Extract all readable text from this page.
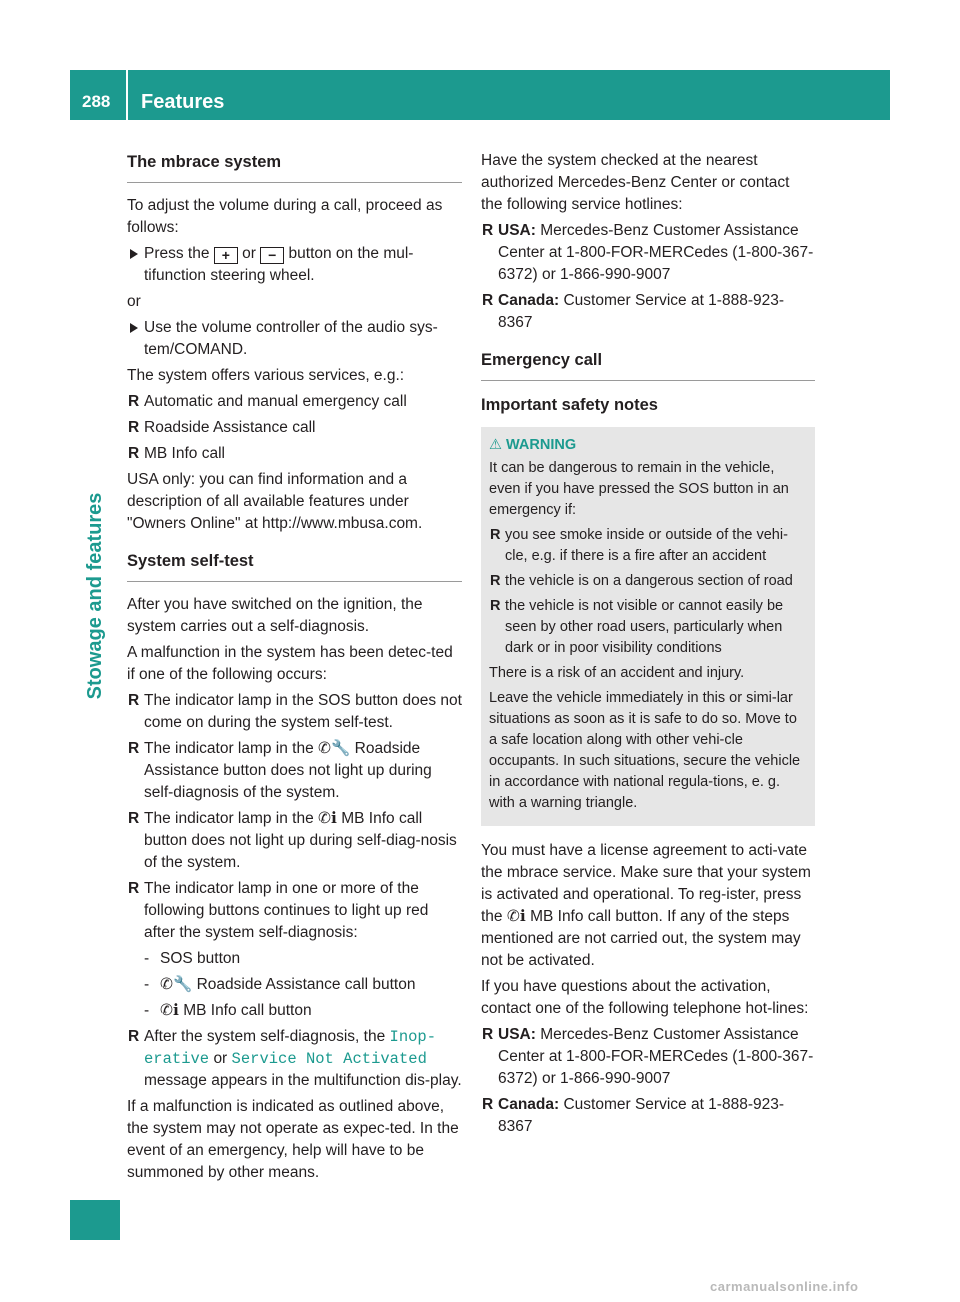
288 Features
Stowage and features
The mbrace system

To adjust the volume during a call, proceed as follows:

Press the + or − button on the mul-tifunction steering wheel.

or

Use the volume controller of the audio sys-tem/COMAND.

The system offers various services, e.g.:

R Automatic and manual emergency call
R Roadside Assistance call
R MB Info call

USA only: you can find information and a description of all available features under "Owners Online" at http://www.mbusa.com.

System self-test

After you have switched on the ignition, the system carries out a self-diagnosis.

A malfunction in the system has been detec-ted if one of the following occurs:

R The indicator lamp in the SOS button does not come on during the system self-test.
R The indicator lamp in the ✆🔧 Roadside Assistance button does not light up during self-diagnosis of the system.
R The indicator lamp in the ✆ℹ MB Info call button does not light up during self-diag-nosis of the system.
R The indicator lamp in one or more of the following buttons continues to light up red after the system self-diagnosis:
- SOS button
- ✆🔧 Roadside Assistance call button
- ✆ℹ MB Info call button
R After the system self-diagnosis, the Inop-erative or Service Not Activated message appears in the multifunction dis-play.

If a malfunction is indicated as outlined above, the system may not operate as expec-ted. In the event of an emergency, help will have to be summoned by other means.

Have the system checked at the nearest authorized Mercedes-Benz Center or contact the following service hotlines:

R USA: Mercedes-Benz Customer Assistance Center at 1-800-FOR-MERCedes (1-800-367-6372) or 1-866-990-9007
R Canada: Customer Service at 1-888-923-8367
Emergency call
Important safety notes
⚠ WARNING

It can be dangerous to remain in the vehicle, even if you have pressed the SOS button in an emergency if:

R you see smoke inside or outside of the vehi-cle, e.g. if there is a fire after an accident
R the vehicle is on a dangerous section of road
R the vehicle is not visible or cannot easily be seen by other road users, particularly when dark or in poor visibility conditions

There is a risk of an accident and injury.

Leave the vehicle immediately in this or simi-lar situations as soon as it is safe to do so. Move to a safe location along with other vehi-cle occupants. In such situations, secure the vehicle in accordance with national regula-tions, e. g. with a warning triangle.

You must have a license agreement to acti-vate the mbrace service. Make sure that your system is activated and operational. To reg-ister, press the ✆ℹ MB Info call button. If any of the steps mentioned are not carried out, the system may not be activated.

If you have questions about the activation, contact one of the following telephone hot-lines:

R USA: Mercedes-Benz Customer Assistance Center at 1-800-FOR-MERCedes (1-800-367-6372) or 1-866-990-9007
R Canada: Customer Service at 1-888-923-8367
carmanualsonline.info
